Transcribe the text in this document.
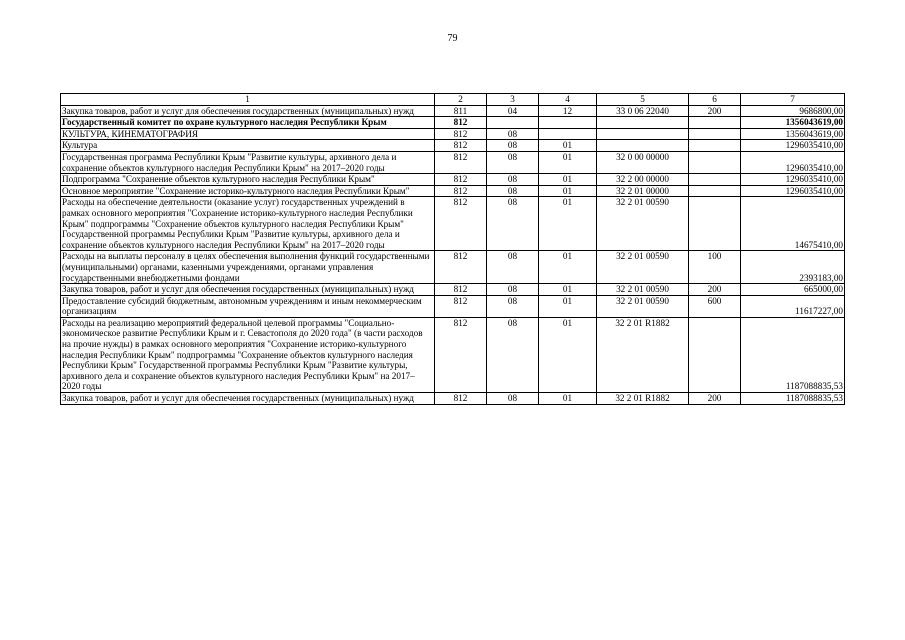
79
1	2	3	4	5	6	7
Закупка товаров, работ и услуг для обеспечения государственных (муниципальных) нужд	811	04	12	33 0 06 22040	200	9686800,00
Государственный комитет по охране культурного наследия Республики Крым	812					1356043619,00
КУЛЬТУРА, КИНЕМАТОГРАФИЯ	812	08				1356043619,00
Культура	812	08	01			1296035410,00
Государственная программа Республики Крым "Развитие культуры, архивного дела и сохранение объектов культурного наследия Республики Крым" на 2017–2020 годы	812	08	01	32 0 00 00000		1296035410,00
Подпрограмма "Сохранение объектов культурного наследия Республики Крым"	812	08	01	32 2 00 00000		1296035410,00
Основное мероприятие "Сохранение историко-культурного наследия Республики Крым"	812	08	01	32 2 01 00000		1296035410,00
Расходы на обеспечение деятельности (оказание услуг) государственных учреждений в рамках основного мероприятия "Сохранение историко-культурного наследия Республики Крым" подпрограммы "Сохранение объектов культурного наследия Республики Крым" Государственной программы Республики Крым "Развитие культуры, архивного дела и сохранение объектов культурного наследия Республики Крым" на 2017–2020 годы	812	08	01	32 2 01 00590		14675410,00
Расходы на выплаты персоналу в целях обеспечения выполнения функций государственными (муниципальными) органами, казенными учреждениями, органами управления государственными внебюджетными фондами	812	08	01	32 2 01 00590	100	2393183,00
Закупка товаров, работ и услуг для обеспечения государственных (муниципальных) нужд	812	08	01	32 2 01 00590	200	665000,00
Предоставление субсидий бюджетным, автономным учреждениям и иным некоммерческим организациям	812	08	01	32 2 01 00590	600	11617227,00
Расходы на реализацию мероприятий федеральной целевой программы "Социально-экономическое развитие Республики Крым и г. Севастополя до 2020 года" (в части расходов на прочие нужды) в рамках основного мероприятия "Сохранение историко-культурного наследия Республики Крым" подпрограммы "Сохранение объектов культурного наследия Республики Крым" Государственной программы Республики Крым "Развитие культуры, архивного дела и сохранение объектов культурного наследия Республики Крым" на 2017–2020 годы	812	08	01	32 2 01 R1882		1187088835,53
Закупка товаров, работ и услуг для обеспечения государственных (муниципальных) нужд	812	08	01	32 2 01 R1882	200	1187088835,53
